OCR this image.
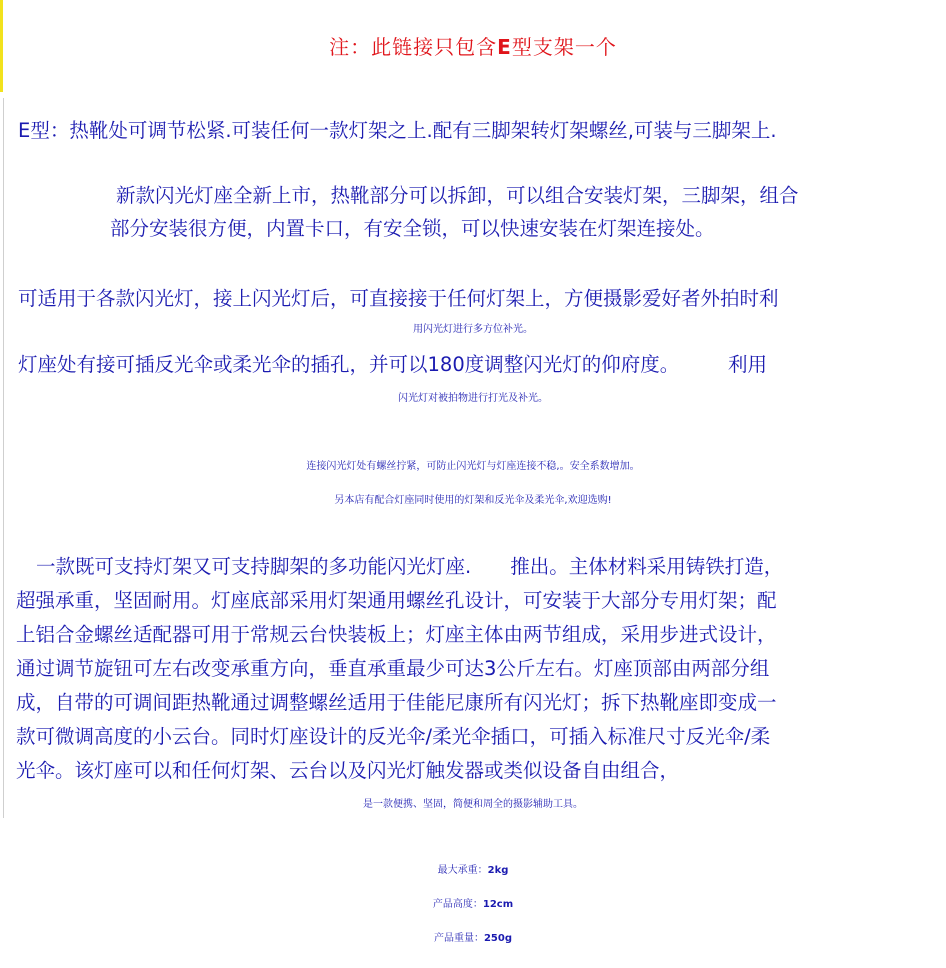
注：此链接只包含E型支架一个
E型：热靴处可调节松紧.可装任何一款灯架之上.配有三脚架转灯架螺丝,可装与三脚架上.
新款闪光灯座全新上市，热靴部分可以拆卸，可以组合安装灯架，三脚架，组合
部分安装很方便，内置卡口，有安全锁，可以快速安装在灯架连接处。
可适用于各款闪光灯，接上闪光灯后，可直接接于任何灯架上，方便摄影爱好者外拍时利
用闪光灯进行多方位补光。
灯座处有接可插反光伞或柔光伞的插孔，并可以180度调整闪光灯的仰府度。　　　利用
闪光灯对被拍物进行打光及补光。
连接闪光灯处有螺丝拧紧，可防止闪光灯与灯座连接不稳,。安全系数增加。
另本店有配合灯座同时使用的灯架和反光伞及柔光伞,欢迎选购!
一款既可支持灯架又可支持脚架的多功能闪光灯座.　　推出。主体材料采用铸铁打造，
超强承重，坚固耐用。灯座底部采用灯架通用螺丝孔设计，可安装于大部分专用灯架；配
上铝合金螺丝适配器可用于常规云台快装板上；灯座主体由两节组成，采用步进式设计，
通过调节旋钮可左右改变承重方向，垂直承重最少可达3公斤左右。灯座顶部由两部分组
成，自带的可调间距热靴通过调整螺丝适用于佳能尼康所有闪光灯；拆下热靴座即变成一
款可微调高度的小云台。同时灯座设计的反光伞/柔光伞插口，可插入标准尺寸反光伞/柔
光伞。该灯座可以和任何灯架、云台以及闪光灯触发器或类似设备自由组合，
是一款便携、坚固，简便和周全的摄影辅助工具。
最大承重：2kg
产品高度：12cm
产品重量：250g
